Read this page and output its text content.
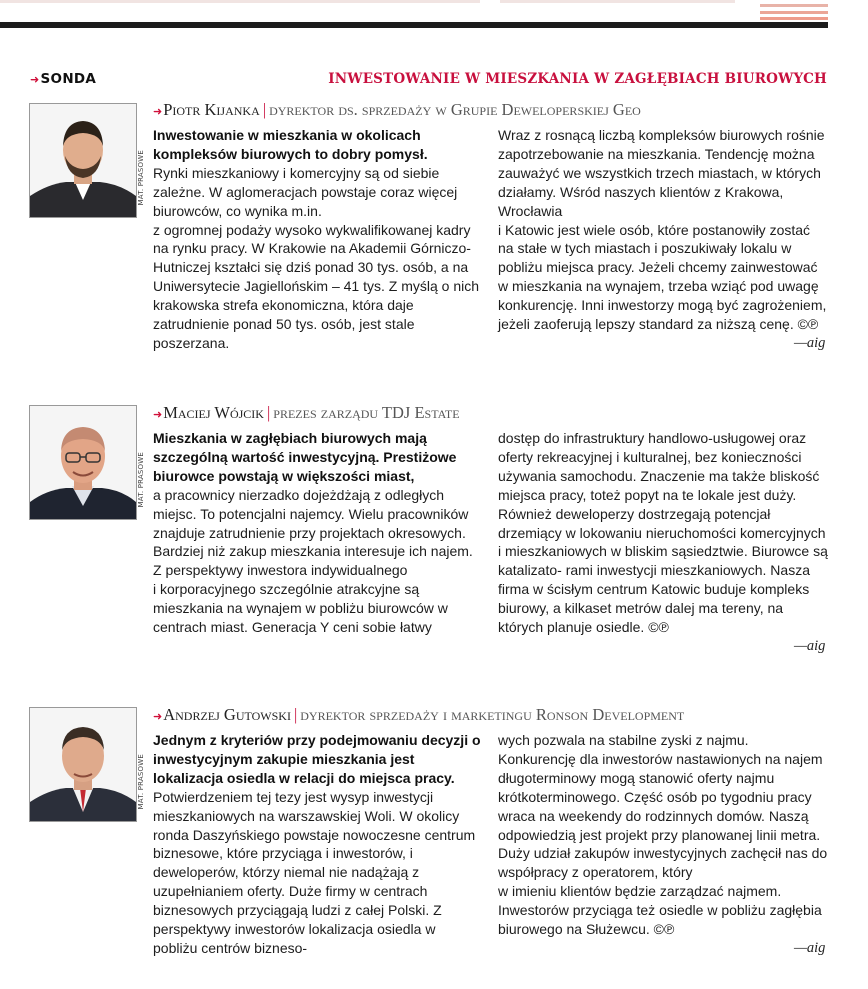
➜SONDA	INWESTOWANIE W MIESZKANIA W ZAGŁĘBIACH BIUROWYCH
MAT. PRASOWE
➜Piotr Kijanka | dyrektor ds. sprzedaży w Grupie Deweloperskiej Geo

Inwestowanie w mieszkania w okolicach kompleksów biurowych to dobry pomysł.

Rynki mieszkaniowy i komercyjny są od siebie zależne. W aglomeracjach powstaje coraz więcej biurowców, co wynika m.in.

z ogromnej podaży wysoko wykwalifikowanej kadry na rynku pracy. W Krakowie na Akademii Górniczo-Hutniczej kształci się dziś ponad 30 tys. osób, a na Uniwersytecie Jagiellońskim – 41 tys. Z myślą o nich krakowska strefa ekonomiczna, która daje zatrudnienie ponad 50 tys. osób, jest stale poszerzana.

Wraz z rosnącą liczbą kompleksów biurowych rośnie zapotrzebowanie na mieszkania. Tendencję można zauważyć we wszystkich trzech miastach, w których działamy. Wśród naszych klientów z Krakowa, Wrocławia

i Katowic jest wiele osób, które postanowiły zostać na stałe w tych miastach i poszukiwały lokalu w pobliżu miejsca pracy. Jeżeli chcemy zainwestować w mieszkania na wynajem, trzeba wziąć pod uwagę konkurencję. Inni inwestorzy mogą być zagrożeniem, jeżeli zaoferują lepszy standard za niższą cenę. ©℗

—aig
MAT. PRASOWE
➜Maciej Wójcik | prezes zarządu TDJ Estate

Mieszkania w zagłębiach biurowych mają szczególną wartość inwestycyjną. Prestiżowe biurowce powstają w większości miast,

a pracownicy nierzadko dojeżdżają z odległych miejsc. To potencjalni najemcy. Wielu pracowników znajduje zatrudnienie przy projektach okresowych. Bardziej niż zakup mieszkania interesuje ich najem.

Z perspektywy inwestora indywidualnego

i korporacyjnego szczególnie atrakcyjne są mieszkania na wynajem w pobliżu biurowców w centrach miast. Generacja Y ceni sobie łatwy

dostęp do infrastruktury handlowo-usługowej oraz oferty rekreacyjnej i kulturalnej, bez konieczności używania samochodu. Znaczenie ma także bliskość miejsca pracy, toteż popyt na te lokale jest duży. Również deweloperzy dostrzegają potencjał drzemiący w lokowaniu nieruchomości komercyjnych i mieszkaniowych w bliskim sąsiedztwie. Biurowce są katalizato- rami inwestycji mieszkaniowych. Nasza firma w ścisłym centrum Katowic buduje kompleks biurowy, a kilkaset metrów dalej ma tereny, na których planuje osiedle. ©℗

—aig
MAT. PRASOWE
➜Andrzej Gutowski | dyrektor sprzedaży i marketingu Ronson Development

Jednym z kryteriów przy podejmowaniu decyzji o inwestycyjnym zakupie mieszkania jest lokalizacja osiedla w relacji do miejsca pracy. Potwierdzeniem tej tezy jest wysyp inwestycji mieszkaniowych na warszawskiej Woli. W okolicy ronda Daszyńskiego powstaje nowoczesne centrum biznesowe, które przyciąga i inwestorów, i deweloperów, którzy niemal nie nadążają z uzupełnianiem oferty. Duże firmy w centrach biznesowych przyciągają ludzi z całej Polski. Z perspektywy inwestorów lokalizacja osiedla w pobliżu centrów bizneso-

wych pozwala na stabilne zyski z najmu. Konkurencję dla inwestorów nastawionych na najem długoterminowy mogą stanowić oferty najmu krótkoterminowego. Część osób po tygodniu pracy wraca na weekendy do rodzinnych domów. Naszą odpowiedzią jest projekt przy planowanej linii metra.

Duży udział zakupów inwestycyjnych zachęcił nas do współpracy z operatorem, który

w imieniu klientów będzie zarządzać najmem. Inwestorów przyciąga też osiedle w pobliżu zagłębia biurowego na Służewcu. ©℗

—aig
